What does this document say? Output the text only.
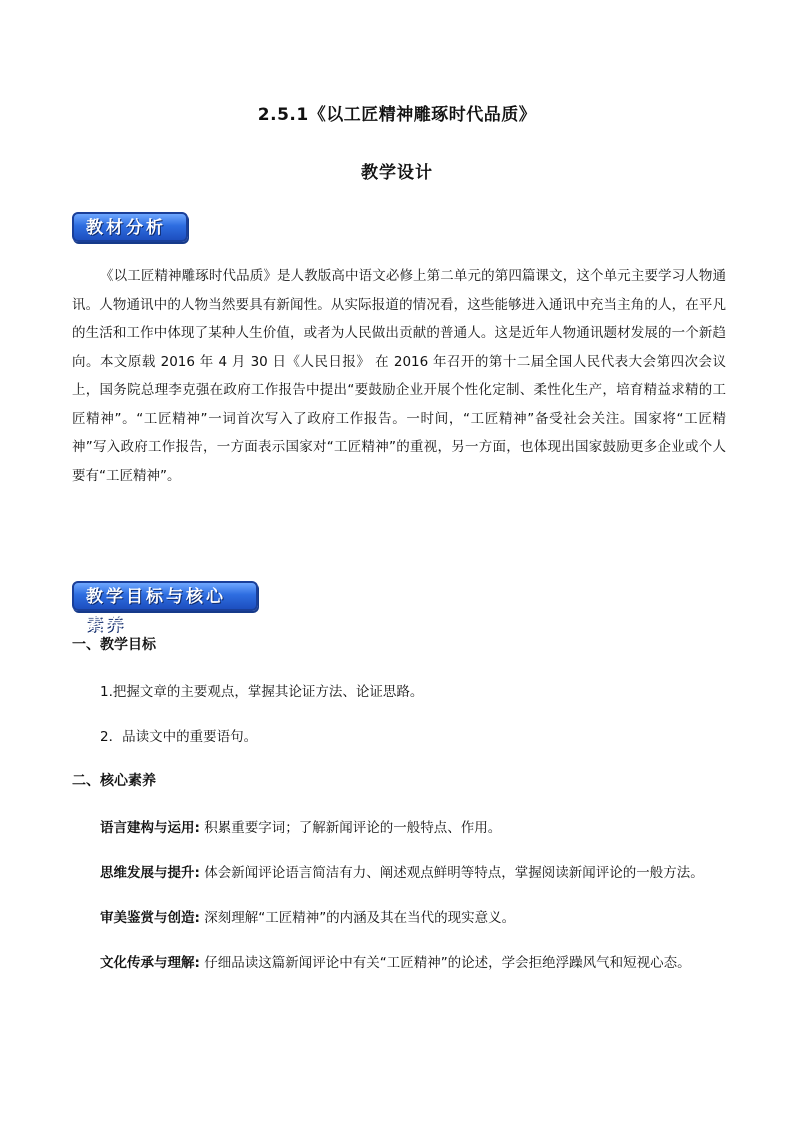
2.5.1《以工匠精神雕琢时代品质》
教学设计
教材分析
《以工匠精神雕琢时代品质》是人教版高中语文必修上第二单元的第四篇课文，这个单元主要学习人物通讯。人物通讯中的人物当然要具有新闻性。从实际报道的情况看，这些能够进入通讯中充当主角的人，在平凡的生活和工作中体现了某种人生价值，或者为人民做出贡献的普通人。这是近年人物通讯题材发展的一个新趋向。本文原载 2016 年 4 月 30 日《人民日报》 在 2016 年召开的第十二届全国人民代表大会第四次会议上，国务院总理李克强在政府工作报告中提出“要鼓励企业开展个性化定制、柔性化生产，培育精益求精的工匠精神”。“工匠精神”一词首次写入了政府工作报告。一时间，“工匠精神”备受社会关注。国家将“工匠精神”写入政府工作报告，一方面表示国家对“工匠精神”的重视，另一方面，也体现出国家鼓励更多企业或个人要有“工匠精神”。
教学目标与核心素养
一、教学目标
1.把握文章的主要观点，掌握其论证方法、论证思路。
2．品读文中的重要语句。
二、核心素养
语言建构与运用: 积累重要字词；了解新闻评论的一般特点、作用。
思维发展与提升: 体会新闻评论语言简洁有力、阐述观点鲜明等特点，掌握阅读新闻评论的一般方法。
审美鉴赏与创造: 深刻理解“工匠精神”的内涵及其在当代的现实意义。
文化传承与理解: 仔细品读这篇新闻评论中有关“工匠精神”的论述，学会拒绝浮躁风气和短视心态。
